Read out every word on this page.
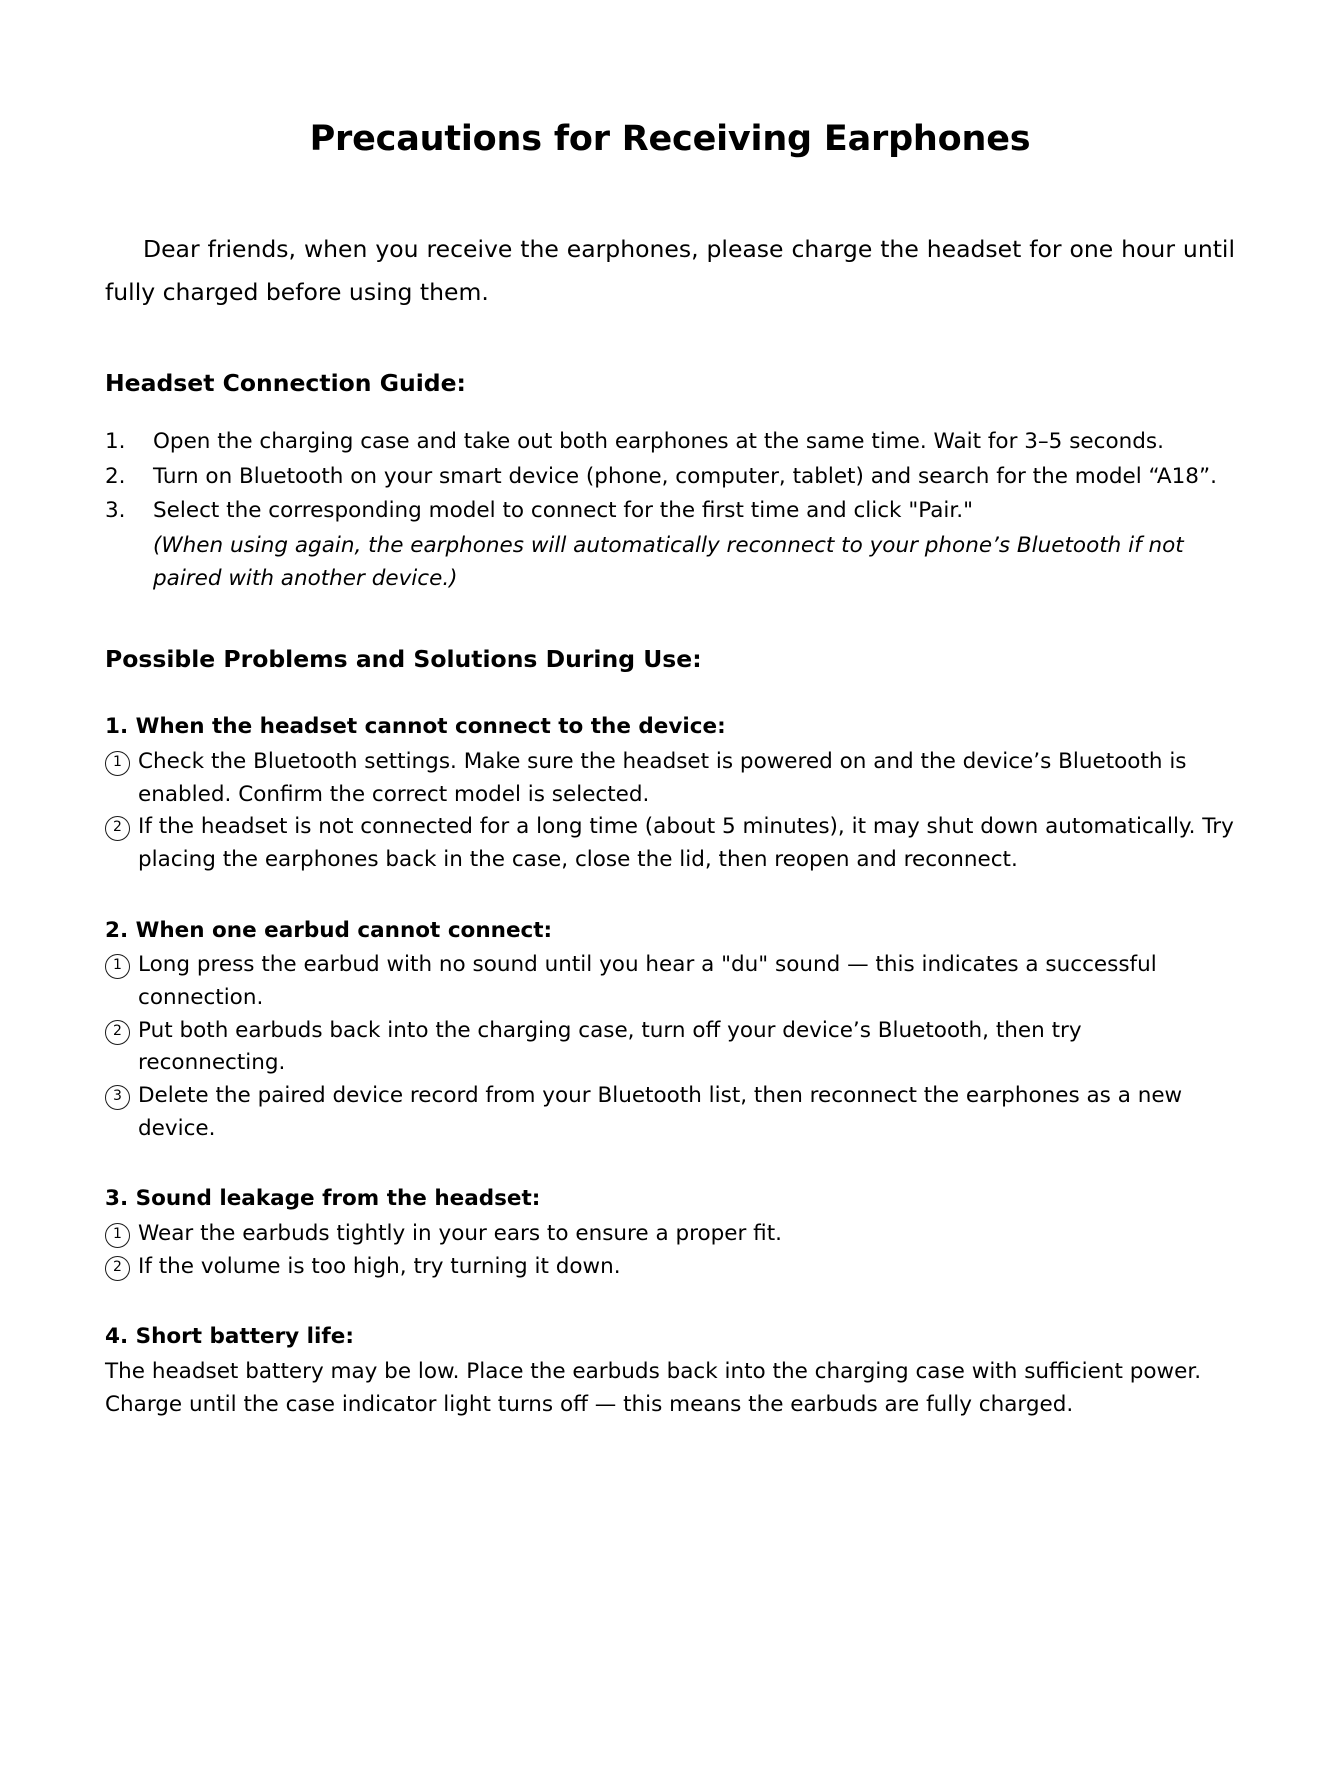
Precautions for Receiving Earphones

Dear friends, when you receive the earphones, please charge the headset for one hour until fully charged before using them.

Headset Connection Guide:
1.	Open the charging case and take out both earphones at the same time. Wait for 3–5 seconds.
2.	Turn on Bluetooth on your smart device (phone, computer, tablet) and search for the model “A18”.
3.	Select the corresponding model to connect for the first time and click "Pair."

(When using again, the earphones will automatically reconnect to your phone’s Bluetooth if not paired with another device.)

Possible Problems and Solutions During Use:
1. When the headset cannot connect to the device:
1 Check the Bluetooth settings. Make sure the headset is powered on and the device’s Bluetooth is enabled. Confirm the correct model is selected.
2 If the headset is not connected for a long time (about 5 minutes), it may shut down automatically. Try placing the earphones back in the case, close the lid, then reopen and reconnect.
2. When one earbud cannot connect:
1 Long press the earbud with no sound until you hear a "du" sound — this indicates a successful connection.
2 Put both earbuds back into the charging case, turn off your device’s Bluetooth, then try reconnecting.
3 Delete the paired device record from your Bluetooth list, then reconnect the earphones as a new device.
3. Sound leakage from the headset:
1 Wear the earbuds tightly in your ears to ensure a proper fit.
2 If the volume is too high, try turning it down.
4. Short battery life:
The headset battery may be low. Place the earbuds back into the charging case with sufficient power. Charge until the case indicator light turns off — this means the earbuds are fully charged.
